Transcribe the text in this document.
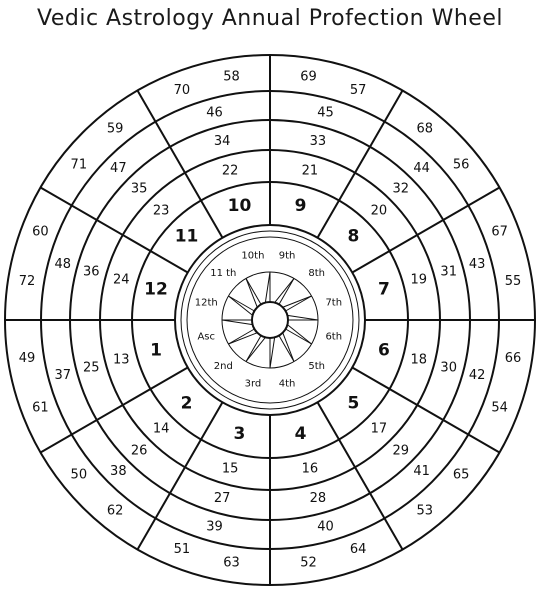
Vedic Astrology Annual Profection Wheel
1
2
3	4
5
6
7
8
9
10
11
12
Asc
2nd
3rd 4th
5th
6th
7th
8th
9th
10th
11 th
12th
13
14
15	16
17
18
19
20
21
22
23
24
25
26
27	28
29
30
31
32
33
34
35
36
37
38
39	40
41
42
43
44
45
46
47
48
49
61
50
62
51
63	52
64
53
65
54
66
55
67
56
68
57
69
58
70
59
71
60
72
